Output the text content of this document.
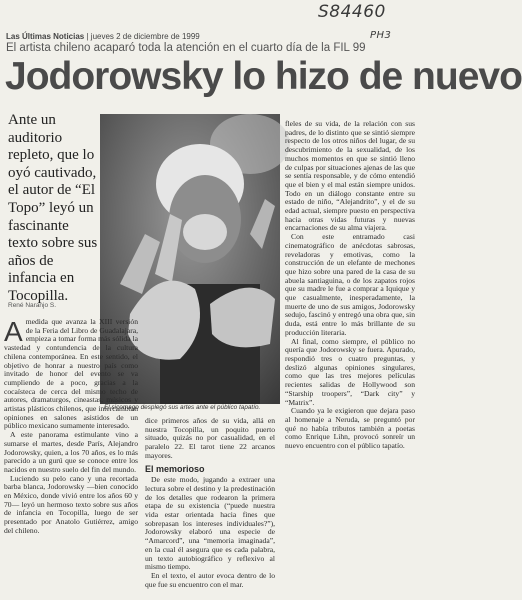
S84460
PH3
Las Últimas Noticias | jueves 2 de diciembre de 1999
El artista chileno acaparó toda la atención en el cuarto día de la FIL 99
Jodorowsky lo hizo de nuevo
Ante un auditorio repleto, que lo oyó cautivado, el autor de “El Topo” leyó un fascinante texto sobre sus años de infancia en Tocopilla.
René Naranjo S.
El sicomago desplegó sus artes ante el público tapatío.
A medida que avanza la XIII versión de la Feria del Libro de Guadalajara, empieza a tomar forma más sólida la vastedad y contundencia de la cultura chilena contemporánea. En este sentido, el objetivo de honrar a nuestro país como invitado de honor del evento se va cumpliendo de a poco, gracias a la cocaísteca de cerca del mismo techo de autores, dramaturgos, cineastas, músicos y artistas plásticos chilenos, que intercambian opiniones en salones asistidos de un público mexicano sumamente interesado.

A este panorama estimulante vino a sumarse el martes, desde París, Alejandro Jodorowsky, quien, a los 70 años, es lo más parecido a un gurú que se conoce entre los nacidos en nuestro suelo del fin del mundo.

Luciendo su pelo cano y una recortada barba blanca, Jodorowsky —bien conocido en México, donde vivió entre los años 60 y 70— leyó un hermoso texto sobre sus años de infancia en Tocopilla, luego de ser presentado por Anatolo Gutiérrez, amigo del chileno.

dice primeros años de su vida, allá en nuestra Tocopilla, un poquito puerto situado, quizás no por casualidad, en el paralelo 22. El tarot tiene 22 arcanos mayores.

El memorioso

De este modo, jugando a extraer una lectura sobre el destino y la predestinación de los detalles que rodearon la primera etapa de su existencia (“puede nuestra vida estar orientada hacia fines que sobrepasan los intereses individuales?”), Jodorowsky elaboró una especie de “Amarcord”, una “memoria imaginada”, en la cual él asegura que es cada palabra, un texto autobiográfico y reflexivo al mismo tiempo.

En el texto, el autor evoca dentro de lo que fue su encuentro con el mar.

fleles de su vida, de la relación con sus padres, de lo distinto que se sintió siempre respecto de los otros niños del lugar, de su descubrimiento de la sexualidad, de los muchos momentos en que se sintió lleno de culpas por situaciones ajenas de las que se sentía responsable, y de cómo entendió que el bien y el mal están siempre unidos. Todo en un diálogo constante entre su estado de niño, “Alejandrito”, y el de su edad actual, siempre puesto en perspectiva hacia otras vidas futuras y nuevas encarnaciones de su alma viajera.

Con este entramado casi cinematográfico de anécdotas sabrosas, reveladoras y emotivas, como la construcción de un elefante de mechones que hizo sobre una pared de la casa de su abuela santiaguina, o de los zapatos rojos que su madre le fue a comprar a Iquique y que casualmente, inesperadamente, la muerte de uno de sus amigos, Jodorowsky sedujo, fascinó y entregó una obra que, sin duda, está entre lo más brillante de su producción literaria.

Al final, como siempre, el público no quería que Jodorowsky se fuera. Apurado, respondió tres o cuatro preguntas, y deslizó algunas opiniones singulares, como que las tres mejores películas recientes salidas de Hollywood son “Starship troopers”, “Dark city” y “Matrix”.

Cuando ya le exigieron que dejara paso al homenaje a Neruda, se preguntó por qué no había tributos también a poetas como Enrique Lihn, provocó sonreír un nuevo encuentro con el público tapatío.
